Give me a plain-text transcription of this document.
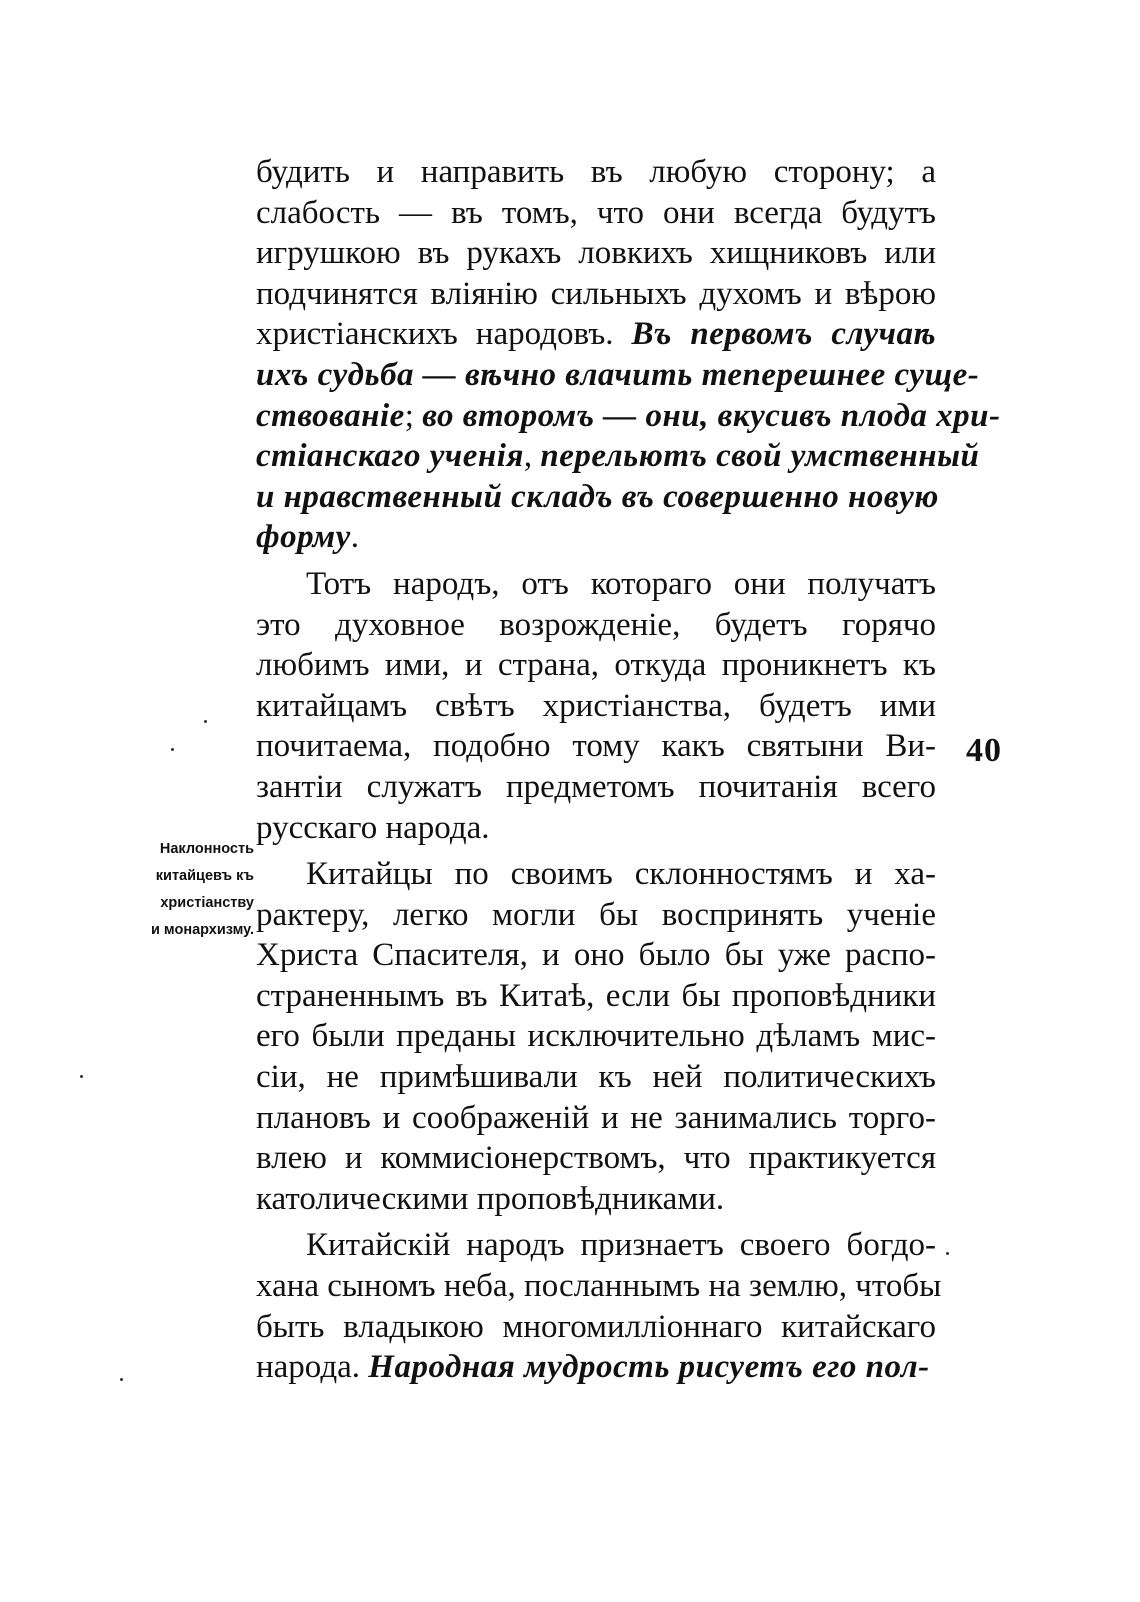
будить и направить въ любую сторону; а
слабость — въ томъ, что они всегда будутъ
игрушкою въ рукахъ ловкихъ хищниковъ или
подчинятся вліянію сильныхъ духомъ и вѣрою
христіанскихъ народовъ. Въ первомъ случаѣ
ихъ судьба — вѣчно влачить теперешнее суще-
ствованіе; во второмъ — они, вкусивъ плода хри-
стіанскаго ученія, перельютъ свой умственный
и нравственный складъ въ совершенно новую
форму.
Тотъ народъ, отъ котораго они получатъ
это духовное возрожденіе, будетъ горячо
любимъ ими, и страна, откуда проникнетъ къ
китайцамъ свѣтъ христіанства, будетъ ими
почитаема, подобно тому какъ святыни Ви-
зантіи служатъ предметомъ почитанія всего
русскаго народа.
Китайцы по своимъ склонностямъ и ха-
рактеру, легко могли бы воспринять ученіе
Христа Спасителя, и оно было бы уже распо-
страненнымъ въ Китаѣ, если бы проповѣдники
его были преданы исключительно дѣламъ мис-
сіи, не примѣшивали къ ней политическихъ
плановъ и соображеній и не занимались торго-
влею и коммисіонерствомъ, что практикуется
католическими проповѣдниками.
Китайскій народъ признаетъ своего богдо-
хана сыномъ неба, посланнымъ на землю, чтобы
быть владыкою многомилліоннаго китайскаго
народа. Народная мудрость рисуетъ его пол-
40
Наклонность
китайцевъ къ
христіанству
и монархизму.
